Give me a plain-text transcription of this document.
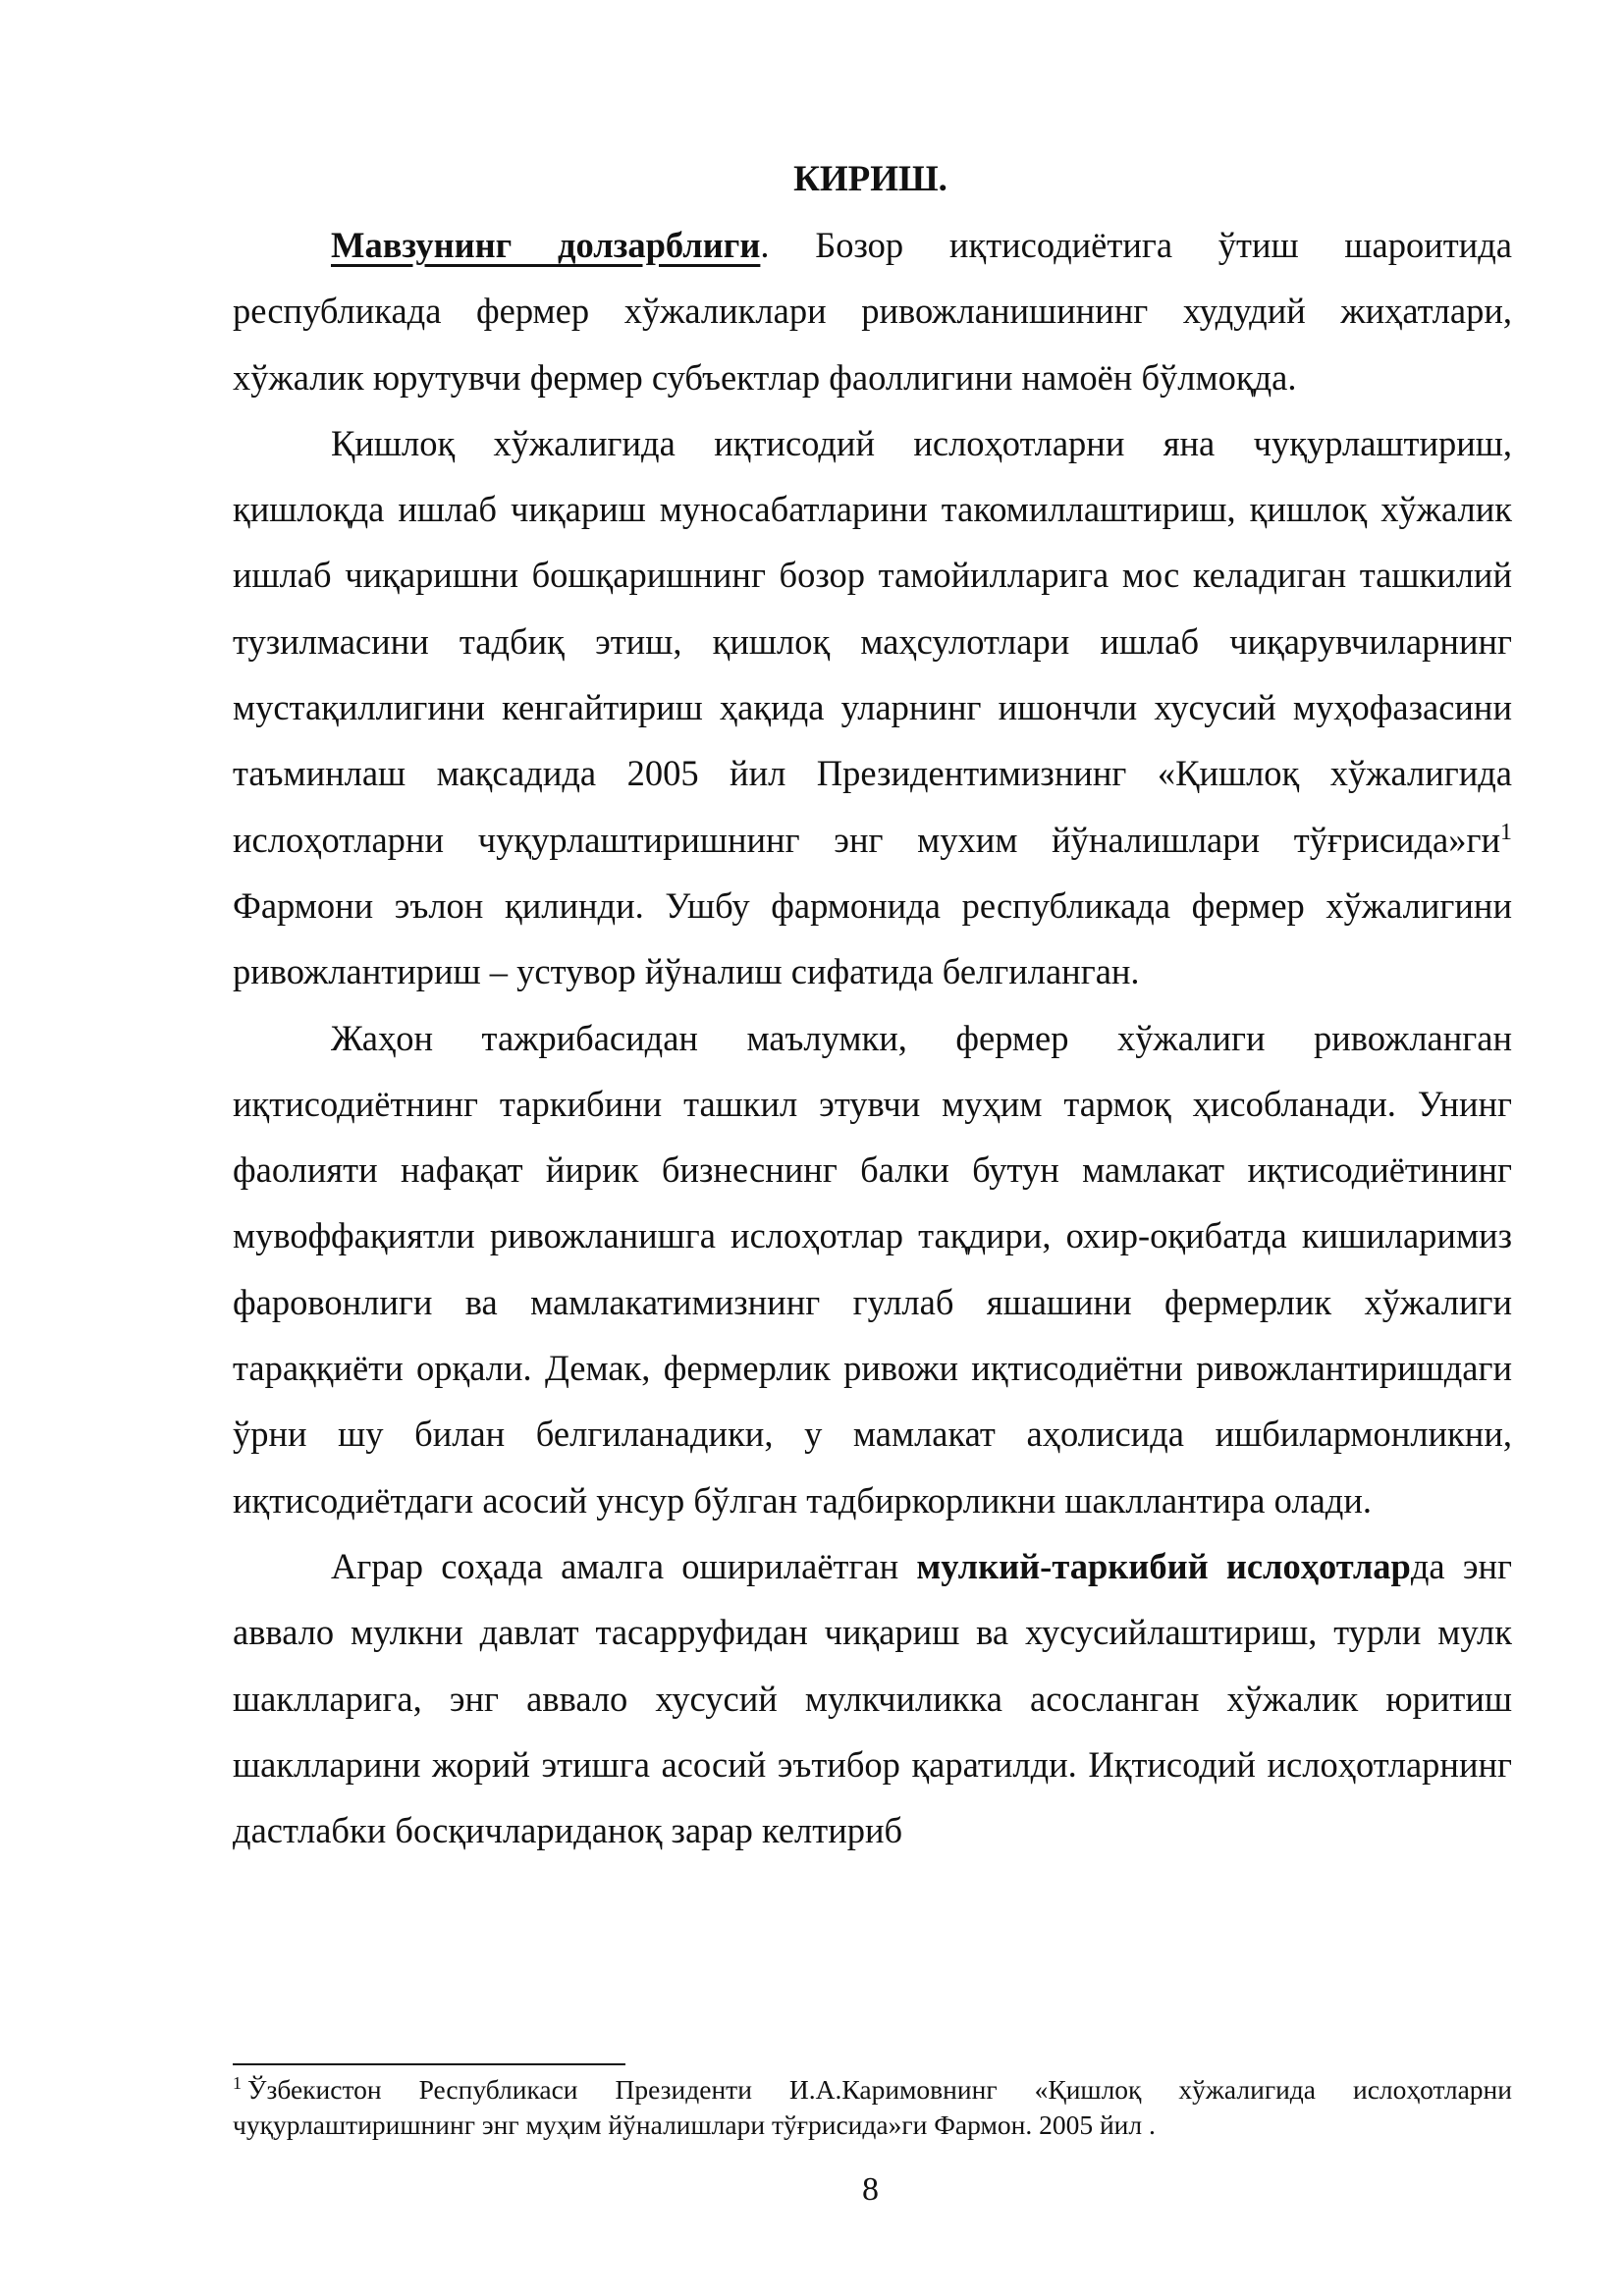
КИРИШ.

Мавзунинг долзарблиги. Бозор иқтисодиётига ўтиш шароитида республикада фермер хўжаликлари ривожланишининг худудий жиҳатлари, хўжалик юрутувчи фермер субъектлар фаоллигини намоён бўлмоқда.

Қишлоқ хўжалигида иқтисодий ислоҳотларни яна чуқурлаштириш, қишлоқда ишлаб чиқариш муносабатларини такомиллаштириш, қишлоқ хўжалик ишлаб чиқаришни бошқаришнинг бозор тамойилларига мос келадиган ташкилий тузилмасини тадбиқ этиш, қишлоқ маҳсулотлари ишлаб чиқарувчиларнинг мустақиллигини кенгайтириш ҳақида уларнинг ишончли хусусий муҳофазасини таъминлаш мақсадида 2005 йил Президентимизнинг «Қишлоқ хўжалигида ислоҳотларни чуқурлаштиришнинг энг мухим йўналишлари тўғрисида»ги$^1$ Фармони эълон қилинди. Ушбу фармонида республикада фермер хўжалигини ривожлантириш – устувор йўналиш сифатида белгиланган.

Жаҳон тажрибасидан маълумки, фермер хўжалиги ривожланган иқтисодиётнинг таркибини ташкил этувчи муҳим тармоқ ҳисобланади. Унинг фаолияти нафақат йирик бизнеснинг балки бутун мамлакат иқтисодиётининг мувоффақиятли ривожланишга ислоҳотлар тақдири, охир-оқибатда кишиларимиз фаровонлиги ва мамлакатимизнинг гуллаб яшашини фермерлик хўжалиги тараққиёти орқали. Демак, фермерлик ривожи иқтисодиётни ривожлантиришдаги ўрни шу билан белгиланадики, у мамлакат аҳолисида ишбилармонликни, иқтисодиётдаги асосий унсур бўлган тадбиркорликни шакллантира олади.

Аграр соҳада амалга оширилаётган мулкий-таркибий ислоҳотларда энг аввало мулкни давлат тасарруфидан чиқариш ва хусусийлаштириш, турли мулк шаклларига, энг аввало хусусий мулкчиликка асосланган хўжалик юритиш шаклларини жорий этишга асосий эътибор қаратилди. Иқтисодий ислоҳотларнинг дастлабки босқичлариданоқ зарар келтириб

$^1$ Ўзбекистон Республикаси Президенти И.А.Каримовнинг «Қишлоқ хўжалигида ислоҳотларни чуқурлаштиришнинг энг муҳим йўналишлари тўғрисида»ги Фармон. 2005 йил .
8
